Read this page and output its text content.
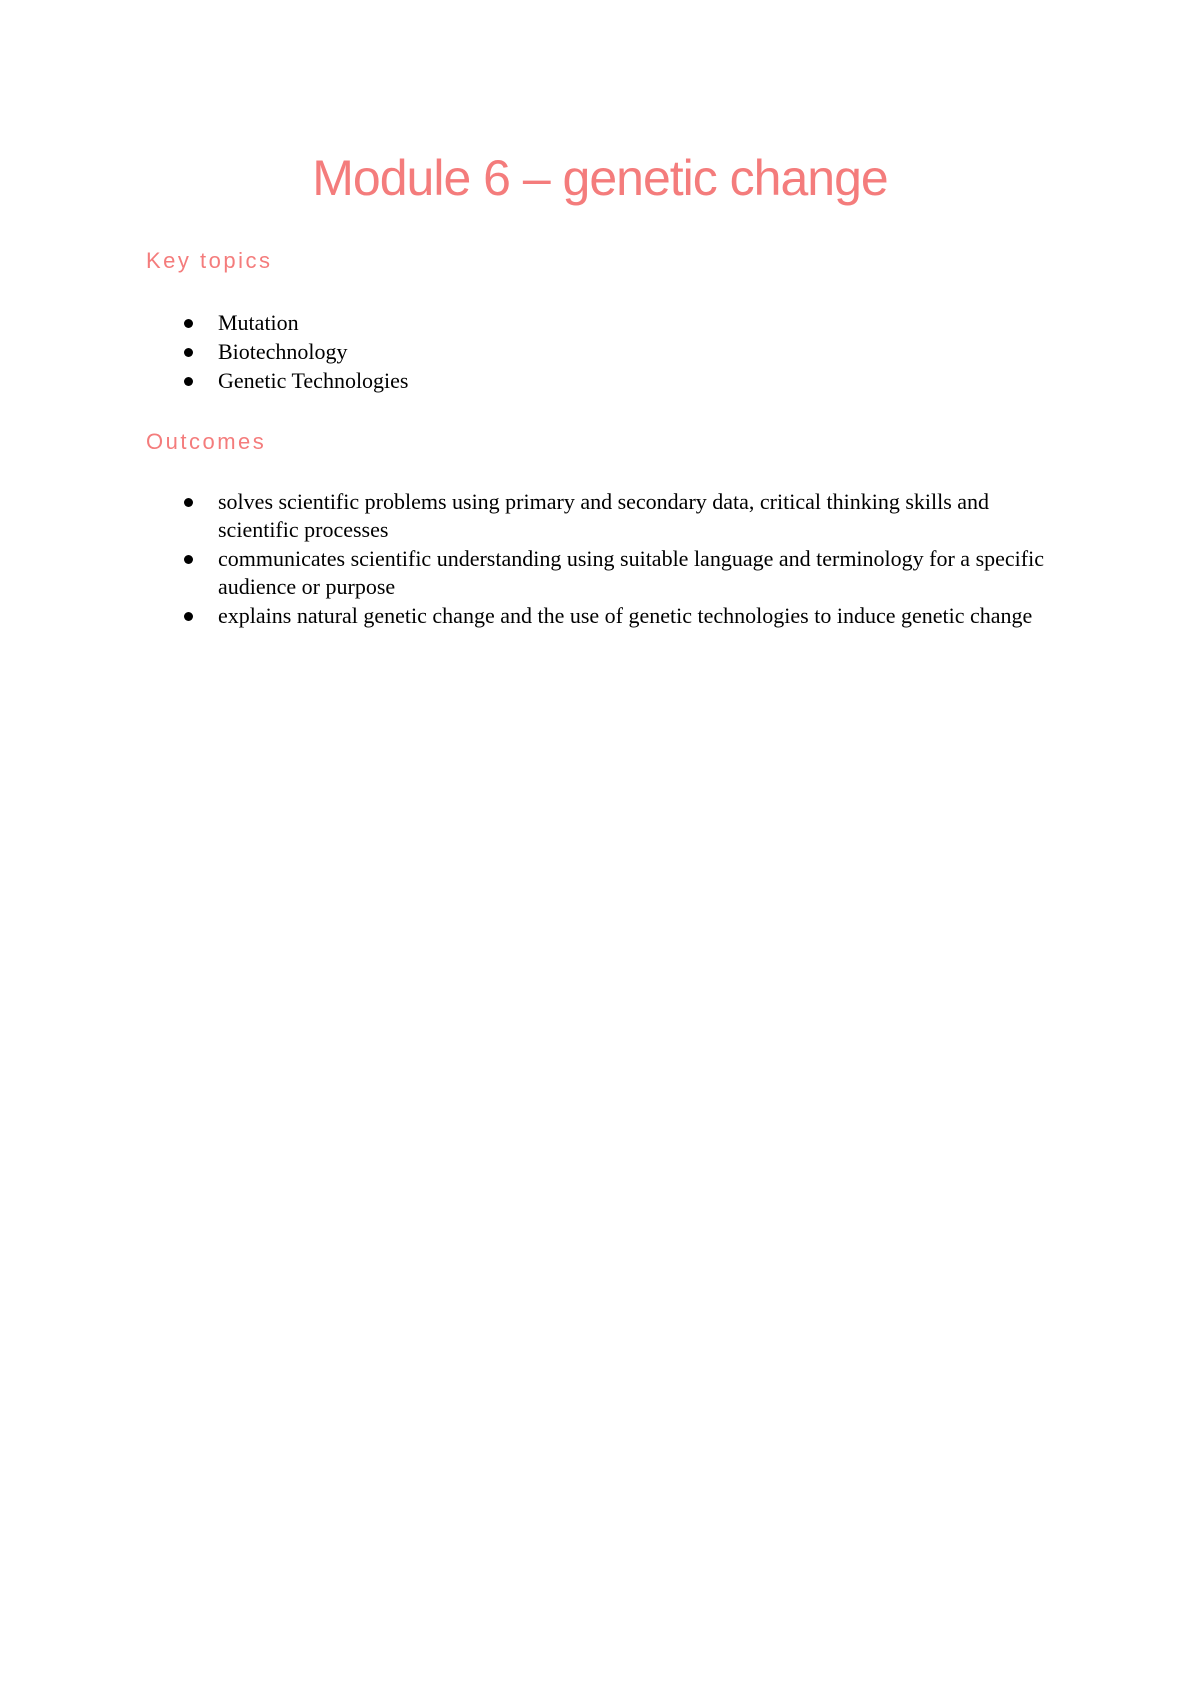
Module 6 – genetic change
Key topics
Mutation
Biotechnology
Genetic Technologies
Outcomes
solves scientific problems using primary and secondary data, critical thinking skills and scientific processes
communicates scientific understanding using suitable language and terminology for a specific audience or purpose
explains natural genetic change and the use of genetic technologies to induce genetic change
